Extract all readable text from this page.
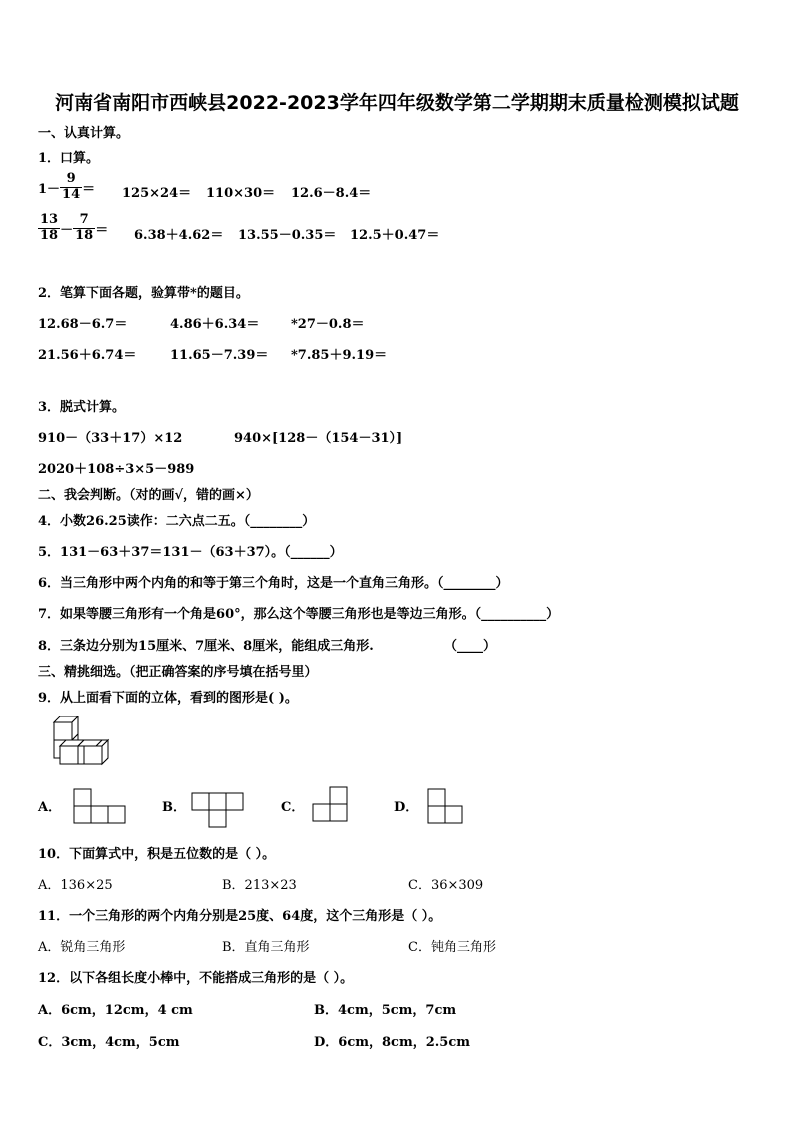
河南省南阳市西峡县2022-2023学年四年级数学第二学期期末质量检测模拟试题
一、认真计算。
1．口算。
$1- \frac{9}{14} = 125\times 24= 110\times 30= 12.6-8.4=$
$\frac{13}{18} - \frac{7}{18} = 6.38+4.62= 13.55-0.35= 12.5+0.47=$
2．笔算下面各题，验算带*的题目。
12.68－6.7＝	4.86＋6.34＝ *27－0.8＝
21.56＋6.74＝	11.65－7.39＝ *7.85＋9.19＝
3．脱式计算。
910－（33＋17）×12	940×[128－（154－31）]
2020＋108÷3×5－989
二、我会判断。（对的画√，错的画×）
4．小数26.25读作：二六点二五。（________）
5．131－63＋37＝131－（63＋37）。（______）
6．当三角形中两个内角的和等于第三个角时，这是一个直角三角形。（________）
7．如果等腰三角形有一个角是60°，那么这个等腰三角形也是等边三角形。（__________）
8．三条边分别为15厘米、7厘米、8厘米，能组成三角形.	（____）
三、精挑细选。（把正确答案的序号填在括号里）
9．从上面看下面的立体，看到的图形是( )。
A．	B．	C．	D．
10．下面算式中，积是五位数的是（ ）。
A．136×25	B．213×23	C．36×309
11．一个三角形的两个内角分别是25度、64度，这个三角形是（ ）。
A．锐角三角形	B．直角三角形	C．钝角三角形
12．以下各组长度小棒中，不能搭成三角形的是（ ）。
A．6cm，12cm，4 cm	B．4cm，5cm，7cm
C．3cm，4cm，5cm	D．6cm，8cm，2.5cm
